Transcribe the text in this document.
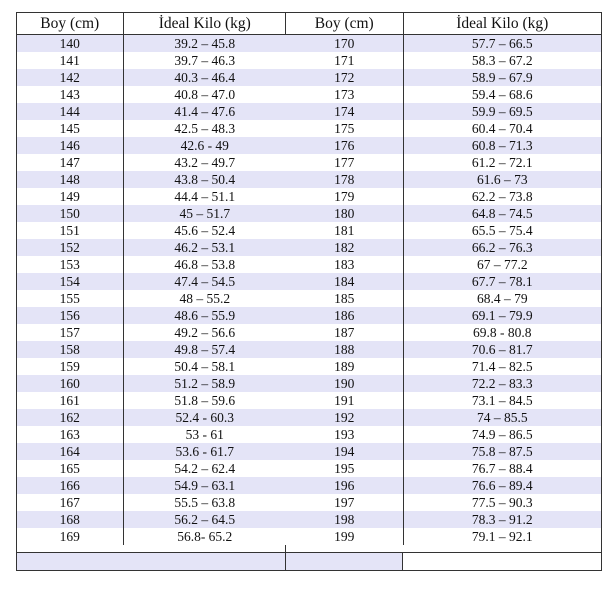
Boy (cm)	İdeal Kilo (kg)
140	39.2 – 45.8
141	39.7 – 46.3
142	40.3 – 46.4
143	40.8 – 47.0
144	41.4 – 47.6
145	42.5 – 48.3
146	42.6 - 49
147	43.2 – 49.7
148	43.8 – 50.4
149	44.4 – 51.1
150	45 – 51.7
151	45.6 – 52.4
152	46.2 – 53.1
153	46.8 – 53.8
154	47.4 – 54.5
155	48 – 55.2
156	48.6 – 55.9
157	49.2 – 56.6
158	49.8 – 57.4
159	50.4 – 58.1
160	51.2 – 58.9
161	51.8 – 59.6
162	52.4 - 60.3
163	53 - 61
164	53.6 - 61.7
165	54.2 – 62.4
166	54.9 – 63.1
167	55.5 – 63.8
168	56.2 – 64.5
169	56.8- 65.2
Boy (cm)	İdeal Kilo (kg)
170	57.7 – 66.5
171	58.3 – 67.2
172	58.9 – 67.9
173	59.4 – 68.6
174	59.9 – 69.5
175	60.4 – 70.4
176	60.8 – 71.3
177	61.2 – 72.1
178	61.6 – 73
179	62.2 – 73.8
180	64.8 – 74.5
181	65.5 – 75.4
182	66.2 – 76.3
183	67 – 77.2
184	67.7 – 78.1
185	68.4 – 79
186	69.1 – 79.9
187	69.8 - 80.8
188	70.6 – 81.7
189	71.4 – 82.5
190	72.2 – 83.3
191	73.1 – 84.5
192	74 – 85.5
193	74.9 – 86.5
194	75.8 – 87.5
195	76.7 – 88.4
196	76.6 – 89.4
197	77.5 – 90.3
198	78.3 – 91.2
199	79.1 – 92.1
